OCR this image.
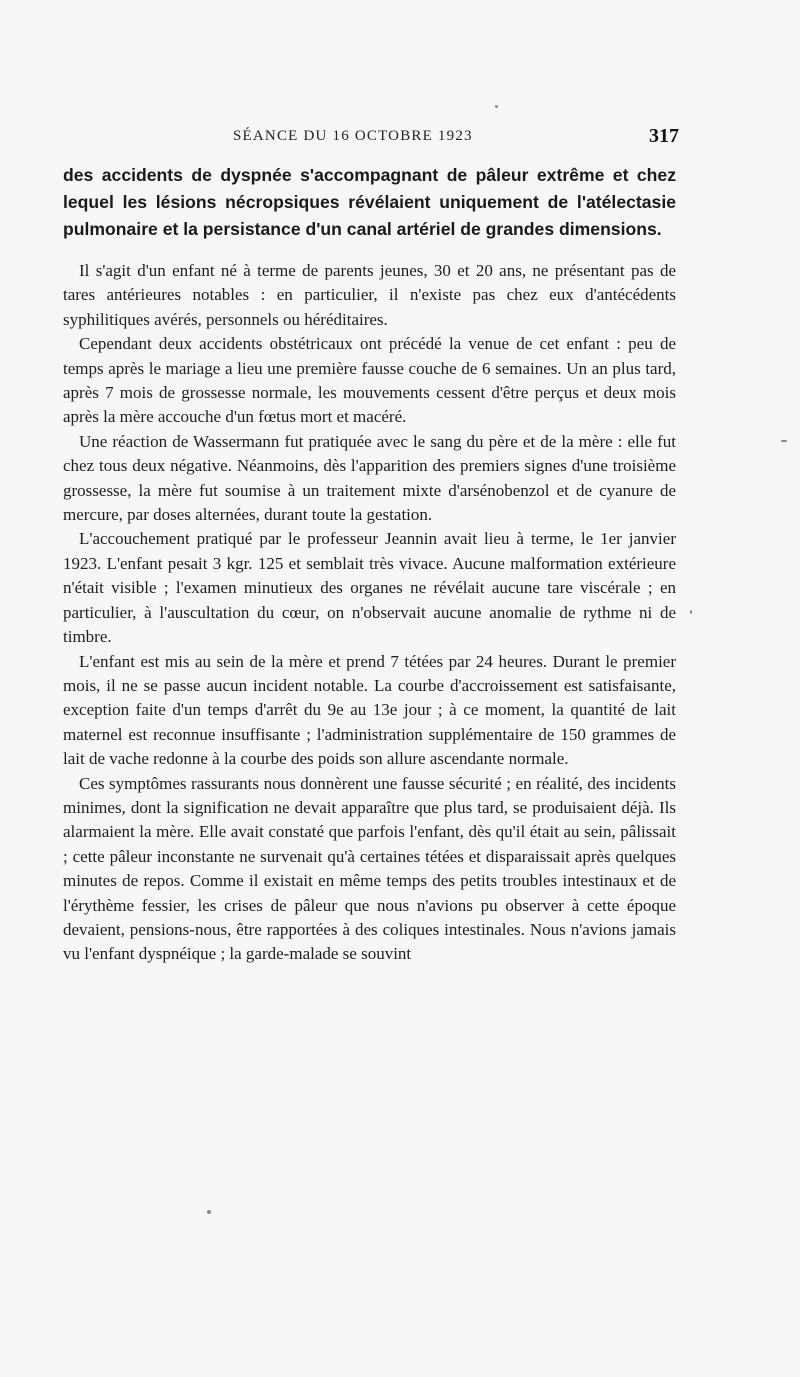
SÉANCE DU 16 OCTOBRE 1923	317

des accidents de dyspnée s'accompagnant de pâleur extrême et chez lequel les lésions nécropsiques révélaient uniquement de l'atélectasie pulmonaire et la persistance d'un canal artériel de grandes dimensions.

Il s'agit d'un enfant né à terme de parents jeunes, 30 et 20 ans, ne présentant pas de tares antérieures notables : en particulier, il n'existe pas chez eux d'antécédents syphilitiques avérés, personnels ou héréditaires.

Cependant deux accidents obstétricaux ont précédé la venue de cet enfant : peu de temps après le mariage a lieu une première fausse couche de 6 semaines. Un an plus tard, après 7 mois de grossesse normale, les mouvements cessent d'être perçus et deux mois après la mère accouche d'un fœtus mort et macéré.

Une réaction de Wassermann fut pratiquée avec le sang du père et de la mère : elle fut chez tous deux négative. Néanmoins, dès l'apparition des premiers signes d'une troisième grossesse, la mère fut soumise à un traitement mixte d'arsénobenzol et de cyanure de mercure, par doses alternées, durant toute la gestation.

L'accouchement pratiqué par le professeur Jeannin avait lieu à terme, le 1er janvier 1923. L'enfant pesait 3 kgr. 125 et semblait très vivace. Aucune malformation extérieure n'était visible ; l'examen minutieux des organes ne révélait aucune tare viscérale ; en particulier, à l'auscultation du cœur, on n'observait aucune anomalie de rythme ni de timbre.

L'enfant est mis au sein de la mère et prend 7 tétées par 24 heures. Durant le premier mois, il ne se passe aucun incident notable. La courbe d'accroissement est satisfaisante, exception faite d'un temps d'arrêt du 9e au 13e jour ; à ce moment, la quantité de lait maternel est reconnue insuffisante ; l'administration supplémentaire de 150 grammes de lait de vache redonne à la courbe des poids son allure ascendante normale.

Ces symptômes rassurants nous donnèrent une fausse sécurité ; en réalité, des incidents minimes, dont la signification ne devait apparaître que plus tard, se produisaient déjà. Ils alarmaient la mère. Elle avait constaté que parfois l'enfant, dès qu'il était au sein, pâlissait ; cette pâleur inconstante ne survenait qu'à certaines tétées et disparaissait après quelques minutes de repos. Comme il existait en même temps des petits troubles intestinaux et de l'érythème fessier, les crises de pâleur que nous n'avions pu observer à cette époque devaient, pensions-nous, être rapportées à des coliques intestinales. Nous n'avions jamais vu l'enfant dyspnéique ; la garde-malade se souvint
